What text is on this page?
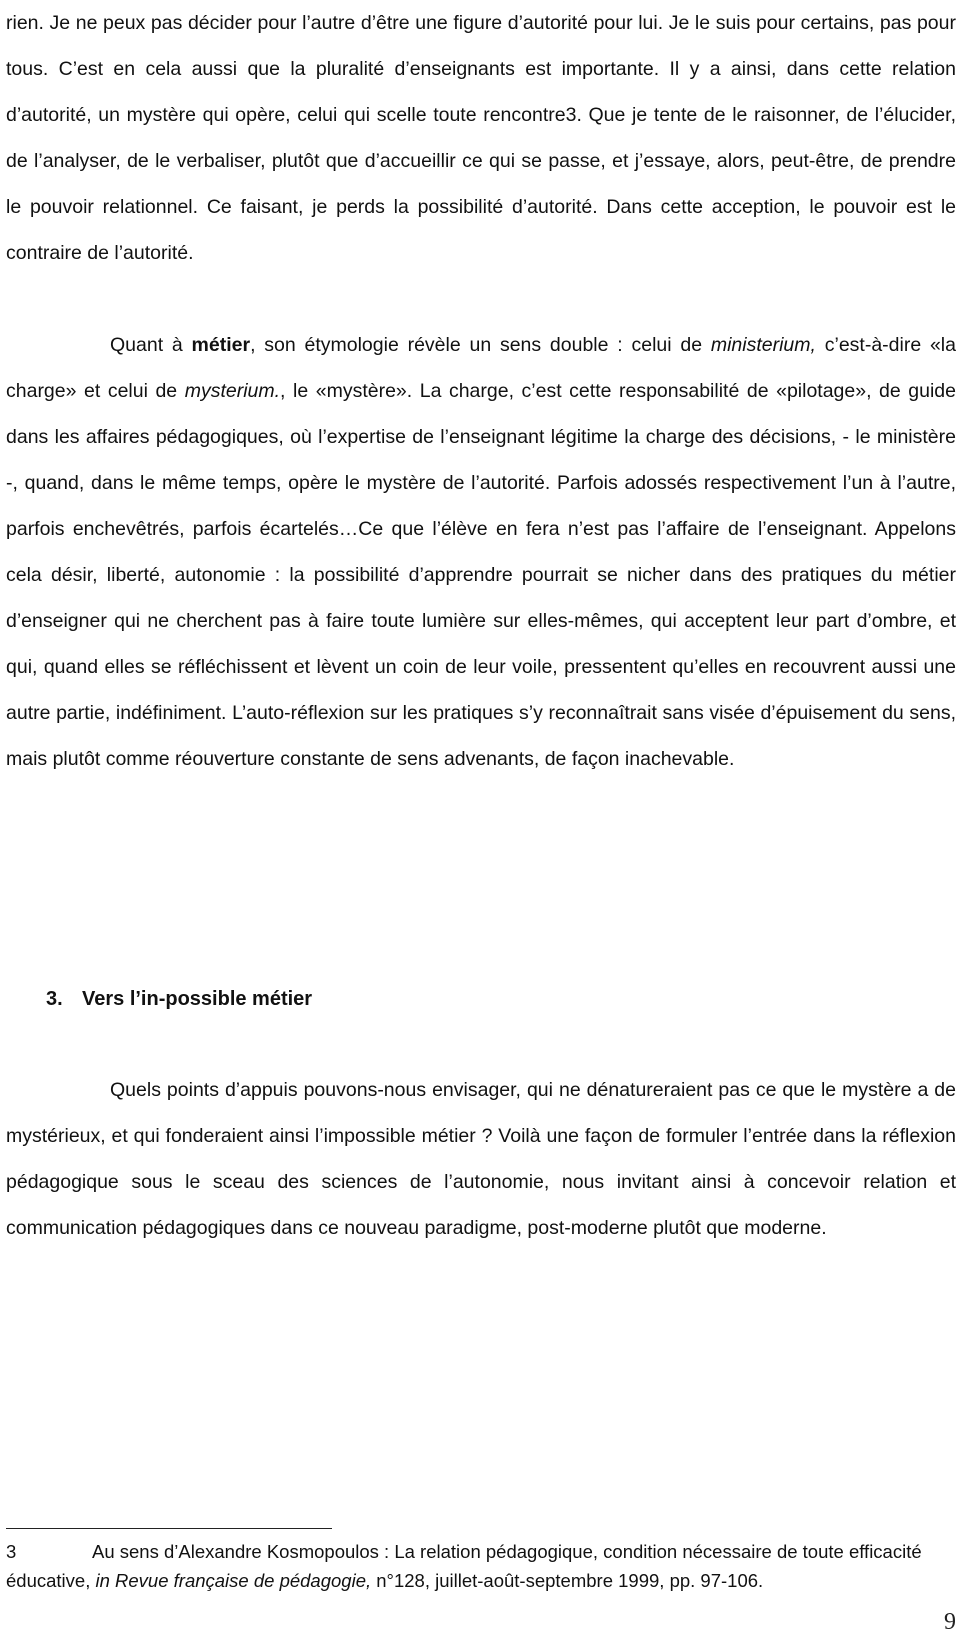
rien. Je ne peux pas décider pour l’autre d’être une figure d’autorité pour lui. Je le suis pour certains, pas pour tous. C’est en cela aussi que la pluralité d’enseignants est importante. Il y a ainsi, dans cette relation d’autorité, un mystère qui opère, celui qui scelle toute rencontre3. Que je tente de le raisonner, de l’élucider, de l’analyser, de le verbaliser, plutôt que d’accueillir ce qui se passe, et j’essaye, alors, peut-être, de prendre le pouvoir relationnel. Ce faisant, je perds la possibilité d’autorité. Dans cette acception, le pouvoir est le contraire de l’autorité.

Quant à métier, son étymologie révèle un sens double : celui de ministerium, c’est-à-dire «la charge» et celui de mysterium., le «mystère». La charge, c’est cette responsabilité de «pilotage», de guide dans les affaires pédagogiques, où l’expertise de l’enseignant légitime la charge des décisions, - le ministère -, quand, dans le même temps, opère le mystère de l’autorité. Parfois adossés respectivement l’un à l’autre, parfois enchevêtrés, parfois écartelés…Ce que l’élève en fera n’est pas l’affaire de l’enseignant. Appelons cela désir, liberté, autonomie : la possibilité d’apprendre pourrait se nicher dans des pratiques du métier d’enseigner qui ne cherchent pas à faire toute lumière sur elles-mêmes, qui acceptent leur part d’ombre, et qui, quand elles se réfléchissent et lèvent un coin de leur voile, pressentent qu’elles en recouvrent aussi une autre partie, indéfiniment. L’auto-réflexion sur les pratiques s’y reconnaîtrait sans visée d’épuisement du sens, mais plutôt comme réouverture constante de sens advenants, de façon inachevable.

3. Vers l’in-possible métier

Quels points d’appuis pouvons-nous envisager, qui ne dénatureraient pas ce que le mystère a de mystérieux, et qui fonderaient ainsi l’impossible métier ? Voilà une façon de formuler l’entrée dans la réflexion pédagogique sous le sceau des sciences de l’autonomie, nous invitant ainsi à concevoir relation et communication pédagogiques dans ce nouveau paradigme, post-moderne plutôt que moderne.

3	Au sens d’Alexandre Kosmopoulos : La relation pédagogique, condition nécessaire de toute efficacité éducative, in Revue française de pédagogie, n°128, juillet-août-septembre 1999, pp. 97-106.
9
